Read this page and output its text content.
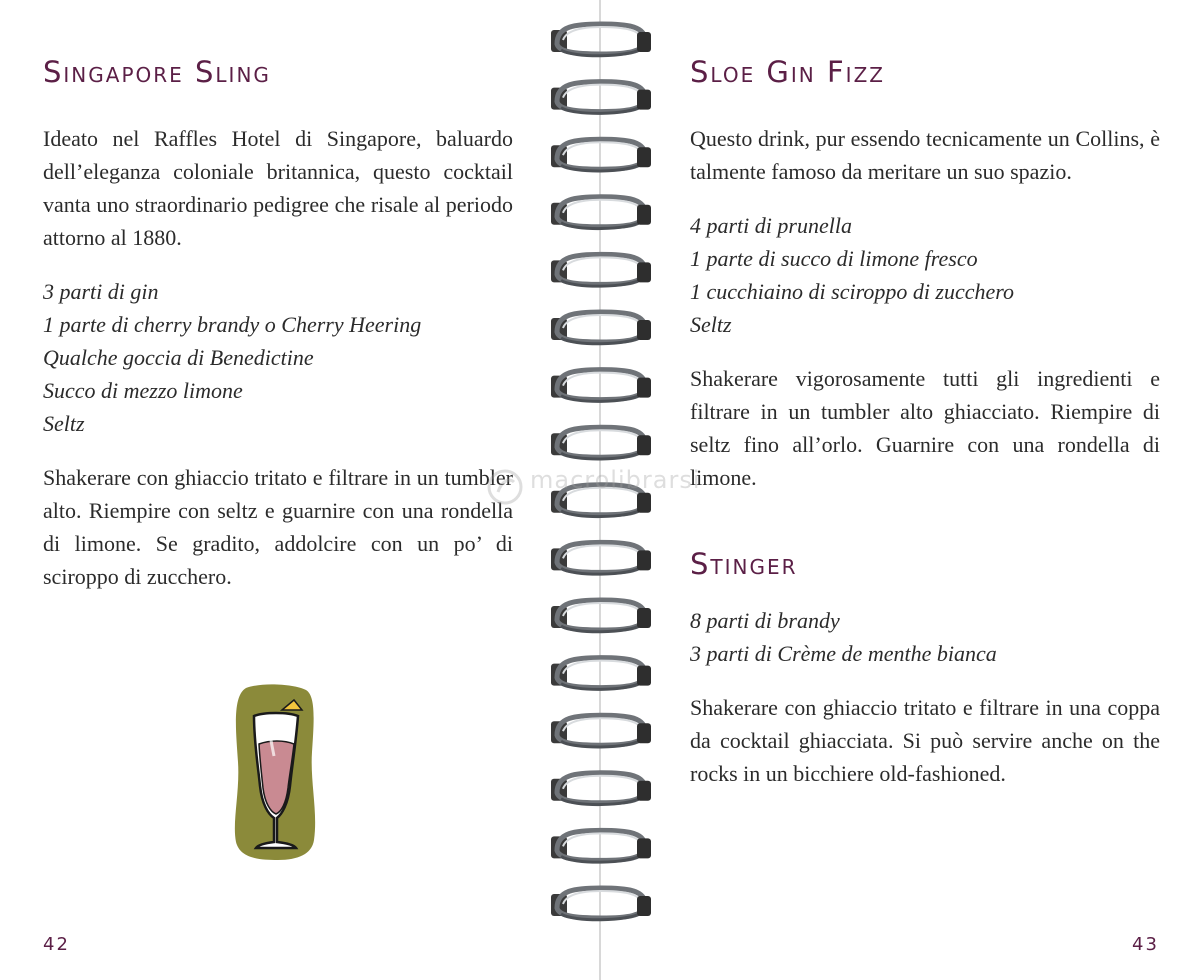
Singapore Sling

Ideato nel Raffles Hotel di Singapore, baluardo dell’eleganza coloniale britannica, questo cocktail vanta uno straordinario pedigree che risale al periodo attorno al 1880.

3 parti di gin
1 parte di cherry brandy o Cherry Heering
Qualche goccia di Benedictine
Succo di mezzo limone
Seltz

Shakerare con ghiaccio tritato e filtrare in un tumbler alto. Riempire con seltz e guarnire con una rondella di limone. Se gradito, addolcire con un po’ di sciroppo di zucchero.

42
Sloe Gin Fizz

Questo drink, pur essendo tecnicamente un Collins, è talmente famoso da meritare un suo spazio.

4 parti di prunella
1 parte di succo di limone fresco
1 cucchiaino di sciroppo di zucchero
Seltz

Shakerare vigorosamente tutti gli ingredienti e filtrare in un tumbler alto ghiacciato. Riempire di seltz fino all’orlo. Guarnire con una rondella di limone.

Stinger
8 parti di brandy
3 parti di Crème de menthe bianca

Shakerare con ghiaccio tritato e filtrare in una coppa da cocktail ghiacciata. Si può servire anche on the rocks in un bicchiere old-fashioned.

43
macrolibrarsi
